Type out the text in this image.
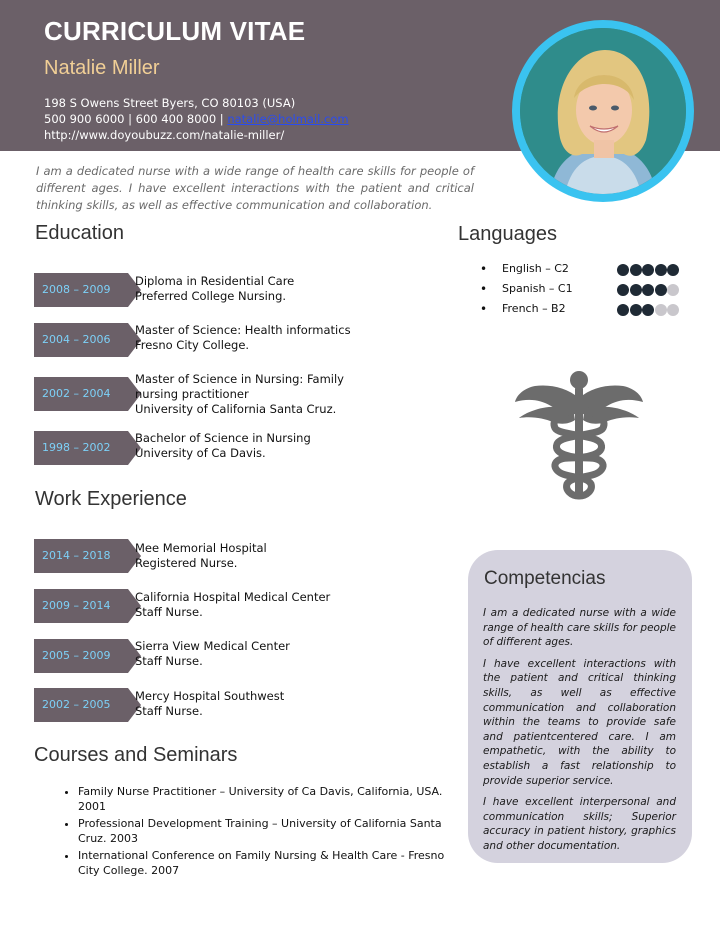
CURRICULUM VITAE
Natalie Miller
198 S Owens Street Byers, CO 80103 (USA)
500 900 6000 | 600 400 8000 | natalie@holmail.com
http://www.doyoubuzz.com/natalie-miller/
I am a dedicated nurse with a wide range of health care skills for people of different ages. I have excellent interactions with the patient and critical thinking skills, as well as effective communication and collaboration.
Education
2008 – 2009
Diploma in Residential Care
Preferred College Nursing.
2004 – 2006
Master of Science: Health informatics
Fresno City College.
2002 – 2004
Master of Science in Nursing: Family nursing practitioner
University of California Santa Cruz.
1998 – 2002
Bachelor of Science in Nursing
University of Ca Davis.
Work Experience
2014 – 2018
Mee Memorial Hospital
Registered Nurse.
2009 – 2014
California Hospital Medical Center
Staff Nurse.
2005 – 2009
Sierra View Medical Center
Staff Nurse.
2002 – 2005
Mercy Hospital Southwest
Staff Nurse.
Courses and Seminars
• Family Nurse Practitioner – University of Ca Davis, California, USA. 2001
• Professional Development Training – University of California Santa Cruz. 2003
• International Conference on Family Nursing & Health Care - Fresno City College. 2007
Languages
• English – C2
• Spanish – C1
• French – B2
Competencias

I am a dedicated nurse with a wide range of health care skills for people of different ages.

I have excellent interactions with the patient and critical thinking skills, as well as effective communication and collaboration within the teams to provide safe and patientcentered care. I am empathetic, with the ability to establish a fast relationship to provide superior service.

I have excellent interpersonal and communication skills; Superior accuracy in patient history, graphics and other documentation.
